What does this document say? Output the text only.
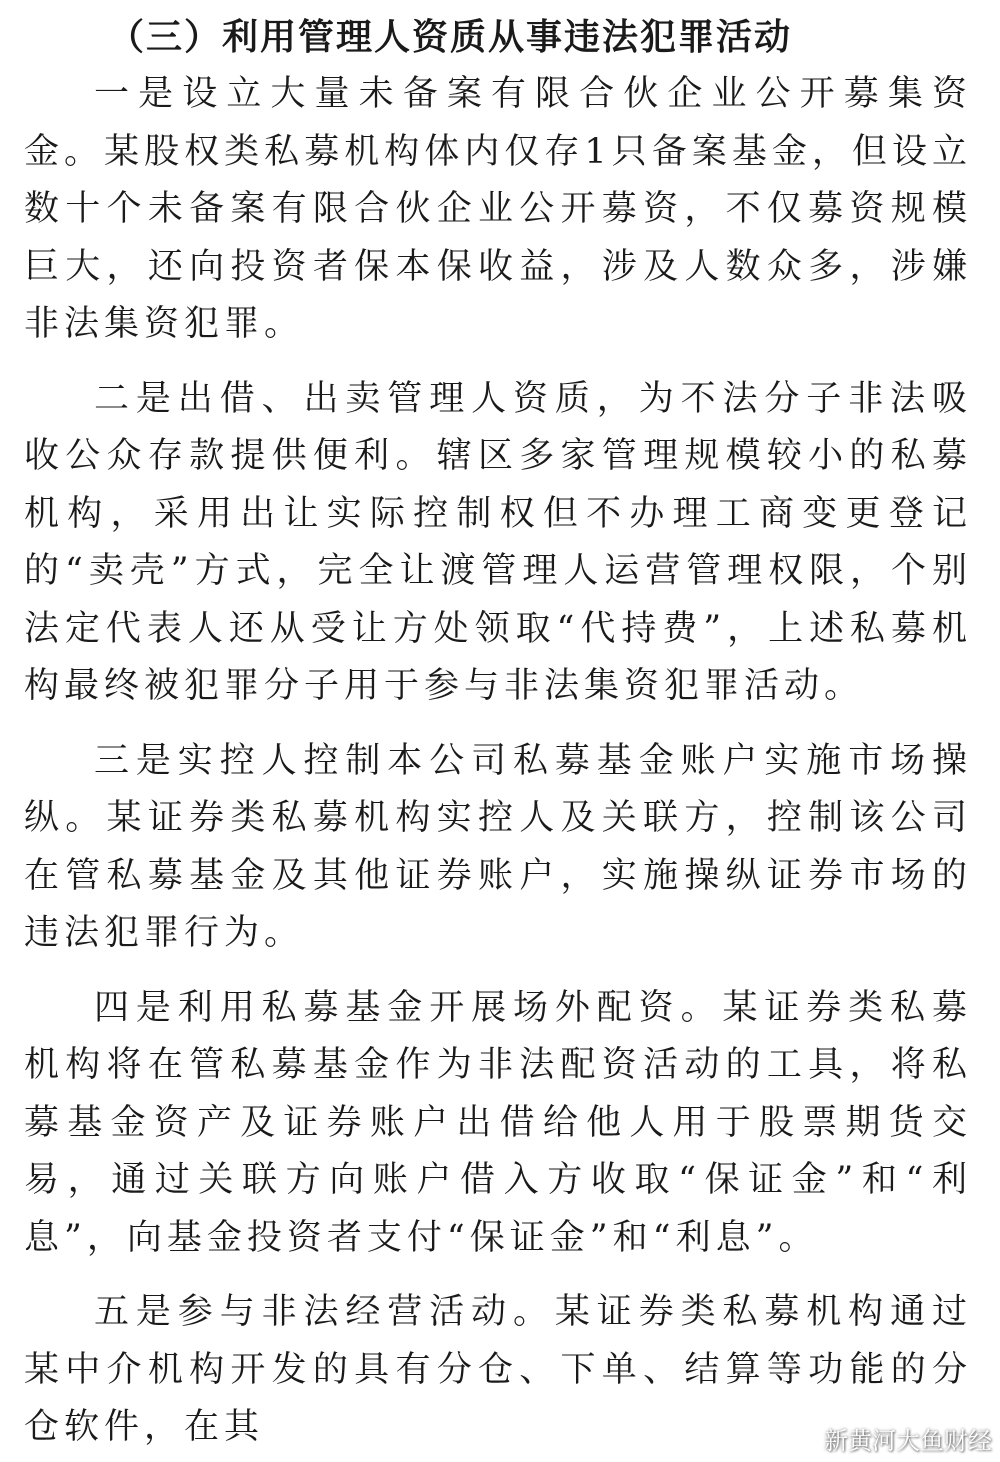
（三）利用管理人资质从事违法犯罪活动

一是设立大量未备案有限合伙企业公开募集资金。某股权类私募机构体内仅存1只备案基金，但设立数十个未备案有限合伙企业公开募资，不仅募资规模巨大，还向投资者保本保收益，涉及人数众多，涉嫌非法集资犯罪。

二是出借、出卖管理人资质，为不法分子非法吸收公众存款提供便利。辖区多家管理规模较小的私募机构，采用出让实际控制权但不办理工商变更登记的“卖壳”方式，完全让渡管理人运营管理权限，个别法定代表人还从受让方处领取“代持费”，上述私募机构最终被犯罪分子用于参与非法集资犯罪活动。

三是实控人控制本公司私募基金账户实施市场操纵。某证券类私募机构实控人及关联方，控制该公司在管私募基金及其他证券账户，实施操纵证券市场的违法犯罪行为。

四是利用私募基金开展场外配资。某证券类私募机构将在管私募基金作为非法配资活动的工具，将私募基金资产及证券账户出借给他人用于股票期货交易，通过关联方向账户借入方收取“保证金”和“利息”，向基金投资者支付“保证金”和“利息”。

五是参与非法经营活动。某证券类私募机构通过某中介机构开发的具有分仓、下单、结算等功能的分仓软件，在其	新黄河大鱼财经
